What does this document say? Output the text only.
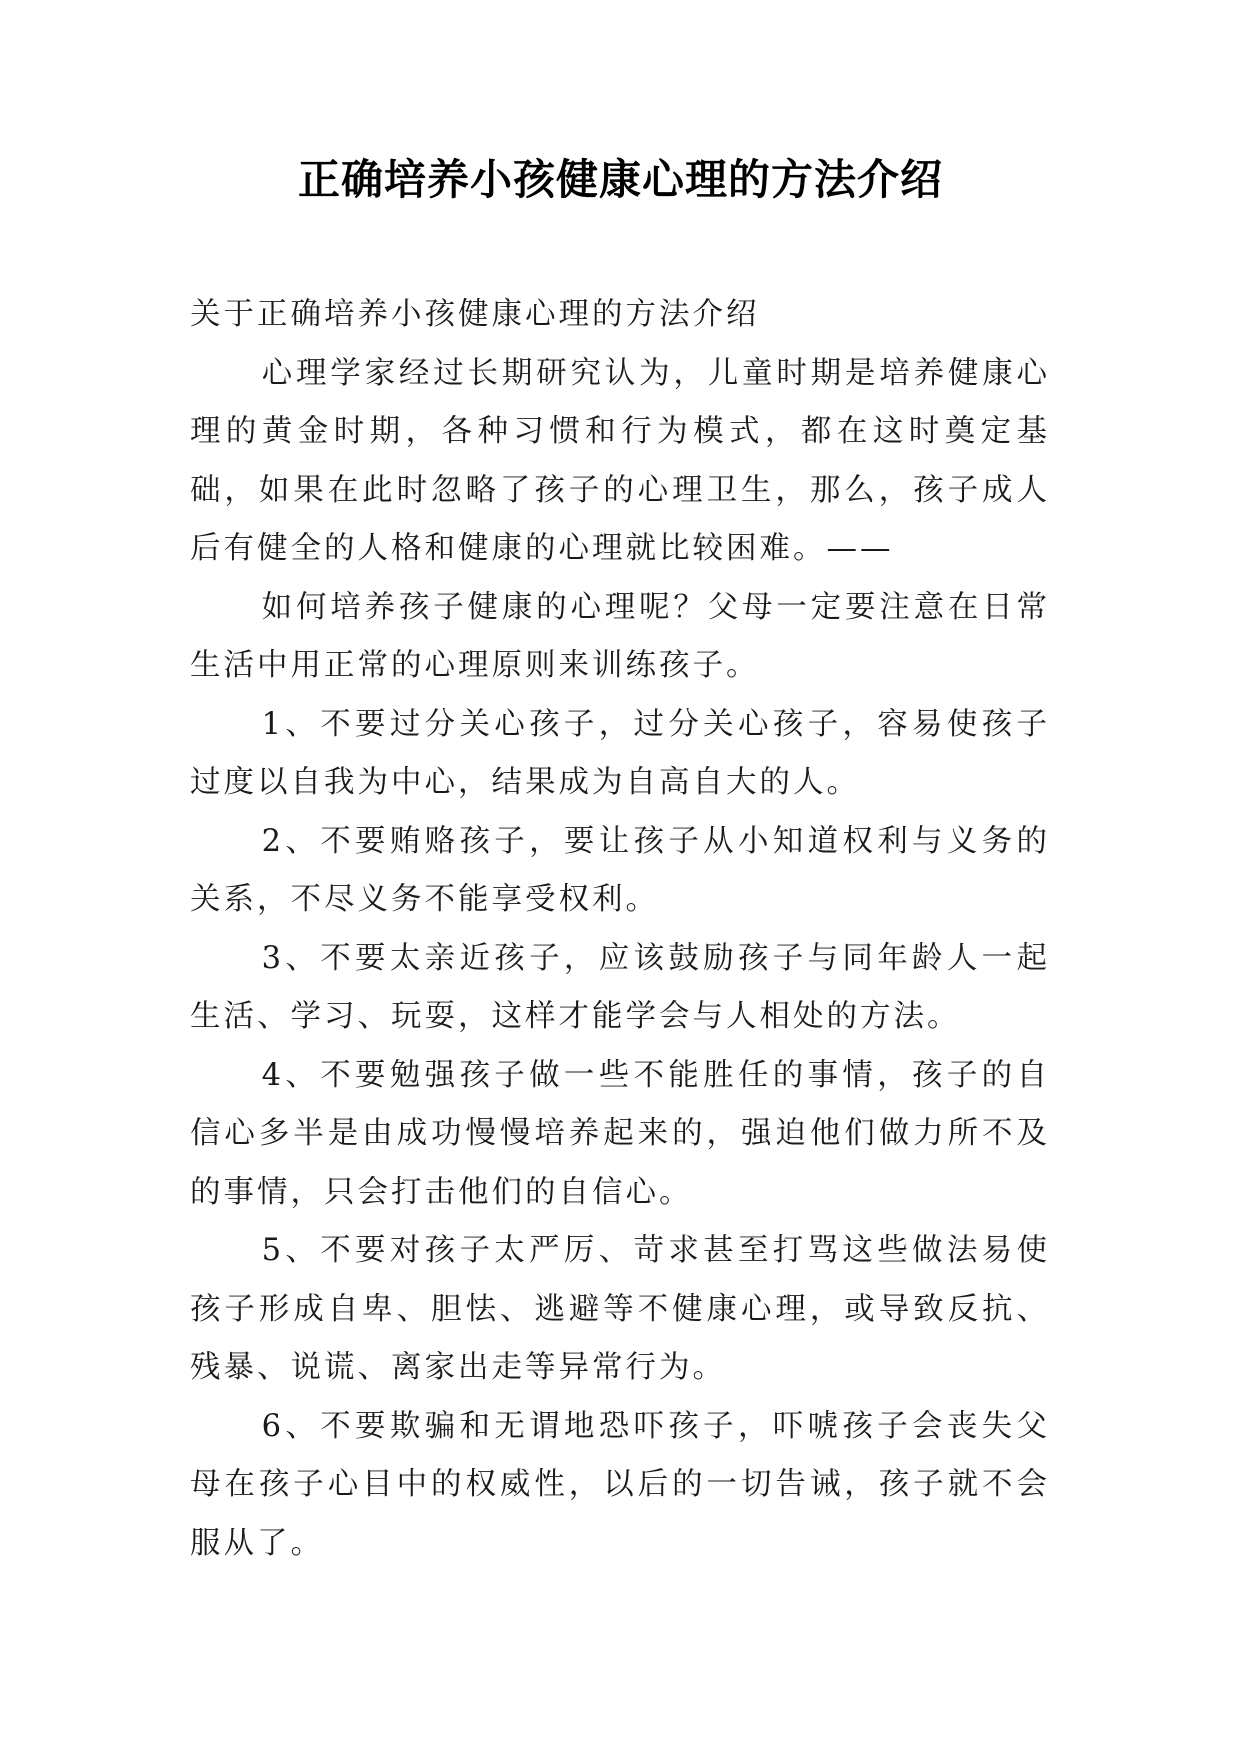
正确培养小孩健康心理的方法介绍

关于正确培养小孩健康心理的方法介绍

心理学家经过长期研究认为，儿童时期是培养健康心理的黄金时期，各种习惯和行为模式，都在这时奠定基础，如果在此时忽略了孩子的心理卫生，那么，孩子成人后有健全的人格和健康的心理就比较困难。——

如何培养孩子健康的心理呢？父母一定要注意在日常生活中用正常的心理原则来训练孩子。

1、不要过分关心孩子，过分关心孩子，容易使孩子过度以自我为中心，结果成为自高自大的人。

2、不要贿赂孩子，要让孩子从小知道权利与义务的关系，不尽义务不能享受权利。

3、不要太亲近孩子，应该鼓励孩子与同年龄人一起生活、学习、玩耍，这样才能学会与人相处的方法。

4、不要勉强孩子做一些不能胜任的事情，孩子的自信心多半是由成功慢慢培养起来的，强迫他们做力所不及的事情，只会打击他们的自信心。

5、不要对孩子太严厉、苛求甚至打骂这些做法易使孩子形成自卑、胆怯、逃避等不健康心理，或导致反抗、残暴、说谎、离家出走等异常行为。

6、不要欺骗和无谓地恐吓孩子，吓唬孩子会丧失父母在孩子心目中的权威性，以后的一切告诫，孩子就不会服从了。
